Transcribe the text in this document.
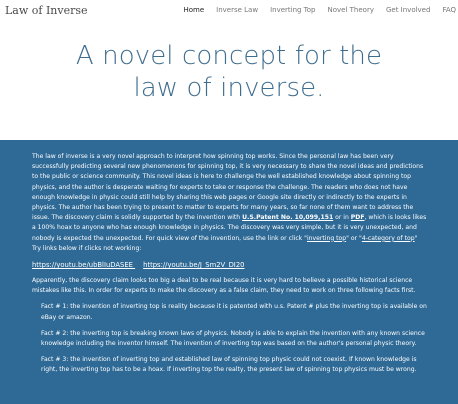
Law of Inverse	Home Inverse Law Inverting Top Novel Theory Get Involved FAQ
A novel concept for the
law of inverse.

The law of inverse is a very novel approach to interpret how spinning top works. Since the personal law has been very successfully predicting several new phenomenons for spinning top, it is very necessary to share the novel ideas and predictions to the public or science community. This novel ideas is here to challenge the well established knowledge about spinning top physics, and the author is desperate waiting for experts to take or response the challenge. The readers who does not have enough knowledge in physic could still help by sharing this web pages or Google site directly or indirectly to the experts in physics. The author has been trying to present to matter to experts for many years, so far none of them want to address the issue. The discovery claim is solidly supported by the invention with U.S.Patent No. 10,099,151 or in PDF, which is looks likes a 100% hoax to anyone who has enough knowledge in physics. The discovery was very simple, but it is very unexpected, and nobody is expected the unexpected. For quick view of the invention, use the link or click "inverting top" or "4-category of top" Try links below if clicks not working:

https://youtu.be/ubBlIuDASEE https://youtu.be/J_Sm2V_DI20

Apparently, the discovery claim looks too big a deal to be real because it is very hard to believe a possible historical science mistakes like this. In order for experts to make the discovery as a false claim, they need to work on three following facts first.

Fact # 1: the invention of inverting top is reality because it is patented with u.s. Patent # plus the inverting top is available on eBay or amazon.

Fact # 2: the inverting top is breaking known laws of physics. Nobody is able to explain the invention with any known science knowledge including the inventor himself. The invention of inverting top was based on the author's personal physic theory.

Fact # 3: the invention of inverting top and established law of spinning top physic could not coexist. If known knowledge is right, the inverting top has to be a hoax. If inverting top the realty, the present law of spinning top physics must be wrong.
